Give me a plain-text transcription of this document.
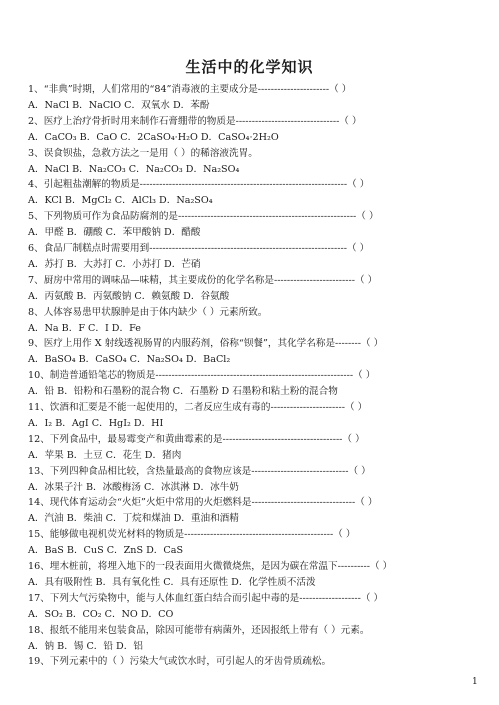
生活中的化学知识
1、“非典”时期，人们常用的“84”消毒液的主要成分是----------------------（ ）
A．NaCl B．NaClO C．双氧水 D．苯酚
2、医疗上治疗骨折时用来制作石膏绷带的物质是--------------------------------（ ）
A．CaCO₃ B．CaO C．2CaSO₄·H₂O D．CaSO₄·2H₂O
3、误食钡盐，急救方法之一是用（ ）的稀溶液洗胃。
A．NaCl B．Na₂CO₃ C．Na₂CO₃ D．Na₂SO₄
4、引起粗盐潮解的物质是----------------------------------------------------------------（ ）
A．KCl B．MgCl₂ C．AlCl₃ D．Na₂SO₄
5、下列物质可作为食品防腐剂的是-------------------------------------------------------（ ）
A．甲醛 B．硼酸 C．苯甲酸钠 D．醋酸
6、食品厂制糕点时需要用到-------------------------------------------------------------（ ）
A．苏打 B．大苏打 C．小苏打 D．芒硝
7、厨房中常用的调味品—味精，其主要成份的化学名称是-------------------------（ ）
A．丙氨酸 B．丙氨酸钠 C．赖氨酸 D．谷氨酸
8、人体容易患甲状腺肿是由于体内缺少（ ）元素所致。
A．Na B．F C．I D．Fe
9、医疗上用作 X 射线透视肠胃的内服药剂，俗称“钡餐”，其化学名称是--------（ ）
A．BaSO₄ B．CaSO₄ C．Na₂SO₄ D．BaCl₂
10、制造普通铅笔芯的物质是-------------------------------------------------------------（ ）
A．铅 B．铅粉和石墨粉的混合物 C．石墨粉 D 石墨粉和粘土粉的混合物
11、饮酒和汇要是不能一起使用的，二者反应生成有毒的-----------------------（ ）
A．I₂ B．AgI C．HgI₂ D．HI
12、下列食品中，最易霉变产和黄曲霉素的是-------------------------------------（ ）
A．苹果 B．土豆 C．花生 D．猪肉
13、下列四种食品相比较，含热量最高的食物应该是------------------------------（ ）
A．冰果子汁 B．冰酸梅汤 C．冰淇淋 D．冰牛奶
14、现代体育运动会“火炬”火炬中常用的火炬燃料是--------------------------------（ ）
A．汽油 B．柴油 C．丁烷和煤油 D．重油和酒精
15、能够做电视机荧光材料的物质是----------------------------------------------（ ）
A．BaS B．CuS C．ZnS D．CaS
16、埋木桩前，将埋入地下的一段表面用火微微烧焦，是因为碳在常温下----------（ ）
A．具有吸附性 B．具有氧化性 C．具有还原性 D．化学性质不活泼
17、下列大气污染物中，能与人体血红蛋白结合而引起中毒的是-------------------（ ）
A．SO₂ B．CO₂ C．NO D．CO
18、报纸不能用来包装食品，除因可能带有病菌外，还因报纸上带有（ ）元素。
A．钠 B．锡 C．铅 D．铝
19、下列元素中的（ ）污染大气或饮水时，可引起人的牙齿骨质疏松。
1
